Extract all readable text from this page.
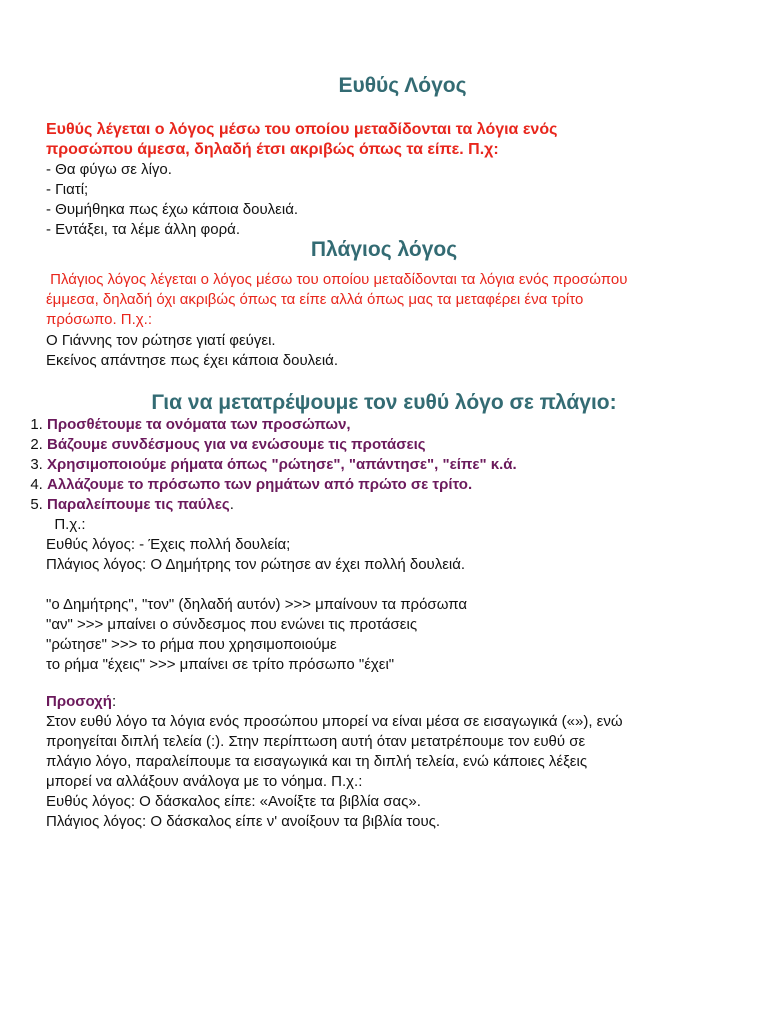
Ευθύς Λόγος
Ευθύς λέγεται ο λόγος μέσω του οποίου μεταδίδονται τα λόγια ενός
προσώπου άμεσα, δηλαδή έτσι ακριβώς όπως τα είπε. Π.χ:
- Θα φύγω σε λίγο.
- Γιατί;
- Θυμήθηκα πως έχω κάποια δουλειά.
- Εντάξει, τα λέμε άλλη φορά.
Πλάγιος λόγος
Πλάγιος λόγος λέγεται ο λόγος μέσω του οποίου μεταδίδονται τα λόγια ενός προσώπου
έμμεσα, δηλαδή όχι ακριβώς όπως τα είπε αλλά όπως μας τα μεταφέρει ένα τρίτο
πρόσωπο. Π.χ.:
Ο Γιάννης τον ρώτησε γιατί φεύγει.
Εκείνος απάντησε πως έχει κάποια δουλειά.
Για να μετατρέψουμε τον ευθύ λόγο σε πλάγιο:
1. Προσθέτουμε τα ονόματα των προσώπων,
2. Βάζουμε συνδέσμους για να ενώσουμε τις προτάσεις
3. Χρησιμοποιούμε ρήματα όπως "ρώτησε", "απάντησε", "είπε" κ.ά.
4. Αλλάζουμε το πρόσωπο των ρημάτων από πρώτο σε τρίτο.
5. Παραλείπουμε τις παύλες.
Π.χ.:
Ευθύς λόγος: - Έχεις πολλή δουλεία;
Πλάγιος λόγος: Ο Δημήτρης τον ρώτησε αν έχει πολλή δουλειά.
"ο Δημήτρης", "τον" (δηλαδή αυτόν) >>> μπαίνουν τα πρόσωπα
"αν" >>> μπαίνει ο σύνδεσμος που ενώνει τις προτάσεις
"ρώτησε" >>> το ρήμα που χρησιμοποιούμε
το ρήμα "έχεις" >>> μπαίνει σε τρίτο πρόσωπο "έχει"
Προσοχή:
Στον ευθύ λόγο τα λόγια ενός προσώπου μπορεί να είναι μέσα σε εισαγωγικά («»), ενώ
προηγείται διπλή τελεία (:). Στην περίπτωση αυτή όταν μετατρέπουμε τον ευθύ σε
πλάγιο λόγο, παραλείπουμε τα εισαγωγικά και τη διπλή τελεία, ενώ κάποιες λέξεις
μπορεί να αλλάξουν ανάλογα με το νόημα. Π.χ.:
Ευθύς λόγος: Ο δάσκαλος είπε: «Ανοίξτε τα βιβλία σας».
Πλάγιος λόγος: Ο δάσκαλος είπε ν' ανοίξουν τα βιβλία τους.
